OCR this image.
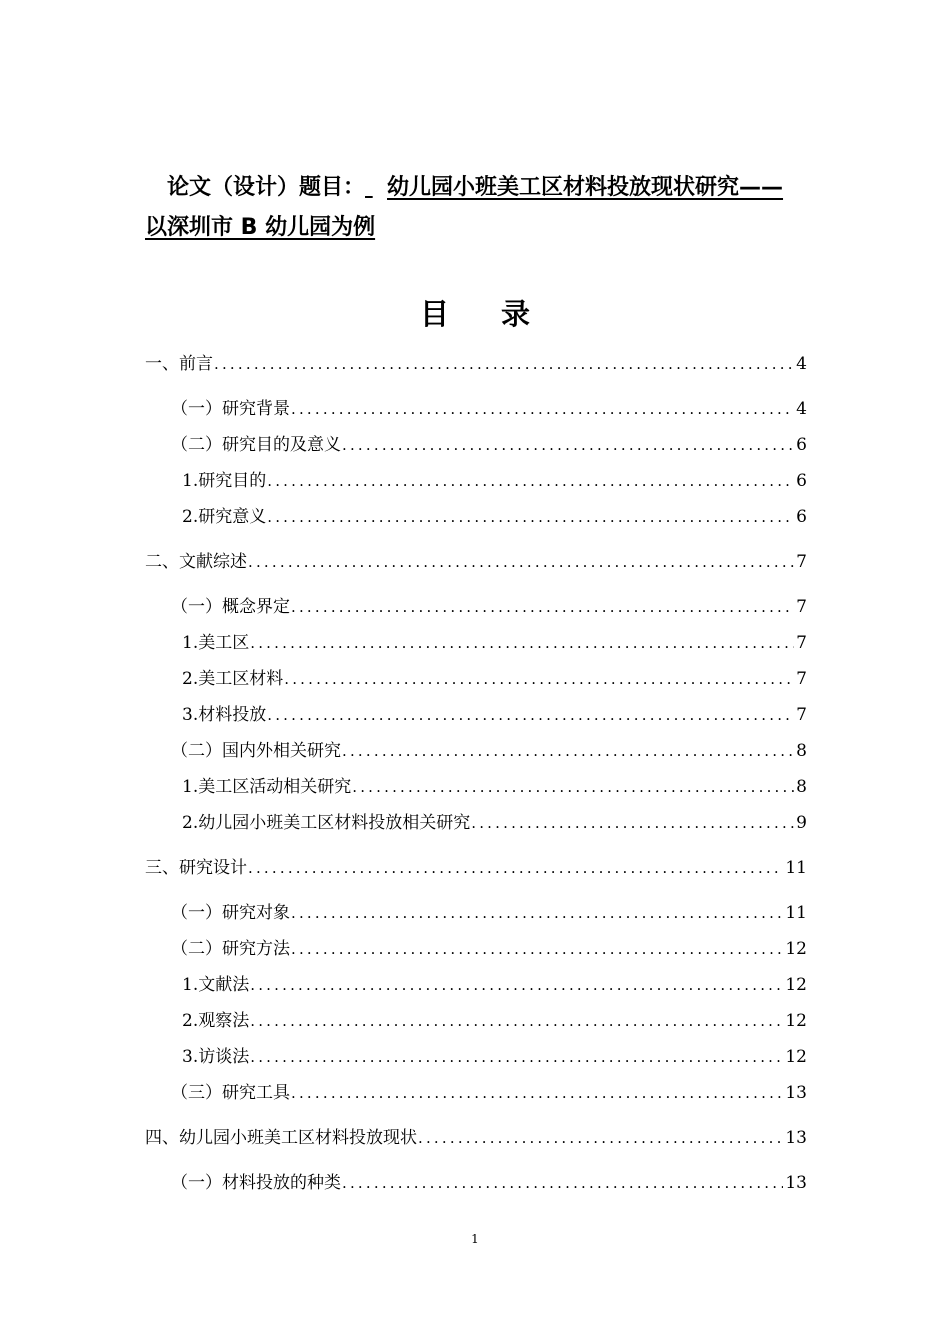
论文（设计）题目： 幼儿园小班美工区材料投放现状研究——
以深圳市 B 幼儿园为例
目录
一、前言 .....	4
（一）研究背景 .....	4
（二）研究目的及意义 .....	6
1.研究目的 .....	6
2.研究意义 .....	6
二、文献综述 .....	7
（一）概念界定 .....	7
1.美工区 .....	7
2.美工区材料 .....	7
3.材料投放 .....	7
（二）国内外相关研究 .....	8
1.美工区活动相关研究 .....	8
2.幼儿园小班美工区材料投放相关研究 .....	9
三、研究设计 .....	11
（一）研究对象 .....	11
（二）研究方法 .....	12
1.文献法 .....	12
2.观察法 .....	12
3.访谈法 .....	12
（三）研究工具 .....	13
四、幼儿园小班美工区材料投放现状 .....	13
（一）材料投放的种类 .....	13
1
